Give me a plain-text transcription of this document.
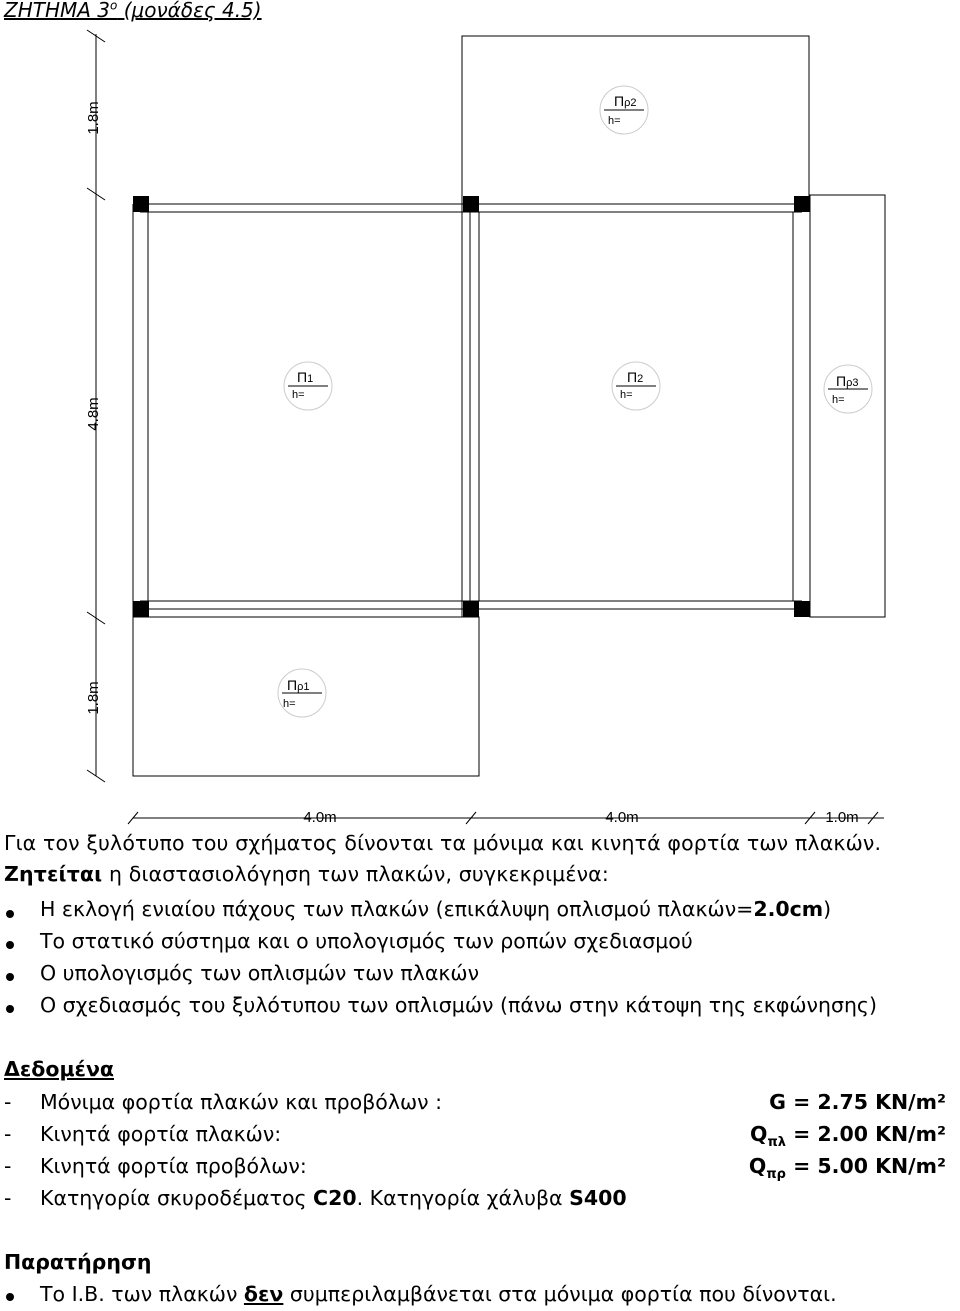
ΖΗΤΗΜΑ $3^o$ (μονάδες 4.5)
1.8m
4.8m
1.8m
4.0m	4.0m	1.0m
Π1
h=
Π2
h=
Πρ1
h=
Πρ2
h=
Πρ3
h=
Για τον ξυλότυπο του σχήματος δίνονται τα μόνιμα και κινητά φορτία των πλακών.
Ζητείται η διαστασιολόγηση των πλακών, συγκεκριμένα:
Η εκλογή ενιαίου πάχους των πλακών (επικάλυψη οπλισμού πλακών=2.0cm)
Το στατικό σύστημα και ο υπολογισμός των ροπών σχεδιασμού
Ο υπολογισμός των οπλισμών των πλακών
Ο σχεδιασμός του ξυλότυπου των οπλισμών (πάνω στην κάτοψη της εκφώνησης)
Δεδομένα
- Μόνιμα φορτία πλακών και προβόλων :	G = 2.75 KN/m²
- Κινητά φορτία πλακών:	$Q_{\pi\lambda} = 2.00$ KN/m²
- Κινητά φορτία προβόλων:	$Q_{\pi\rho} = 5.00$ KN/m²
- Κατηγορία σκυροδέματος C20. Κατηγορία χάλυβα S400
Παρατήρηση
Το Ι.Β. των πλακών δεν συμπεριλαμβάνεται στα μόνιμα φορτία που δίνονται.
